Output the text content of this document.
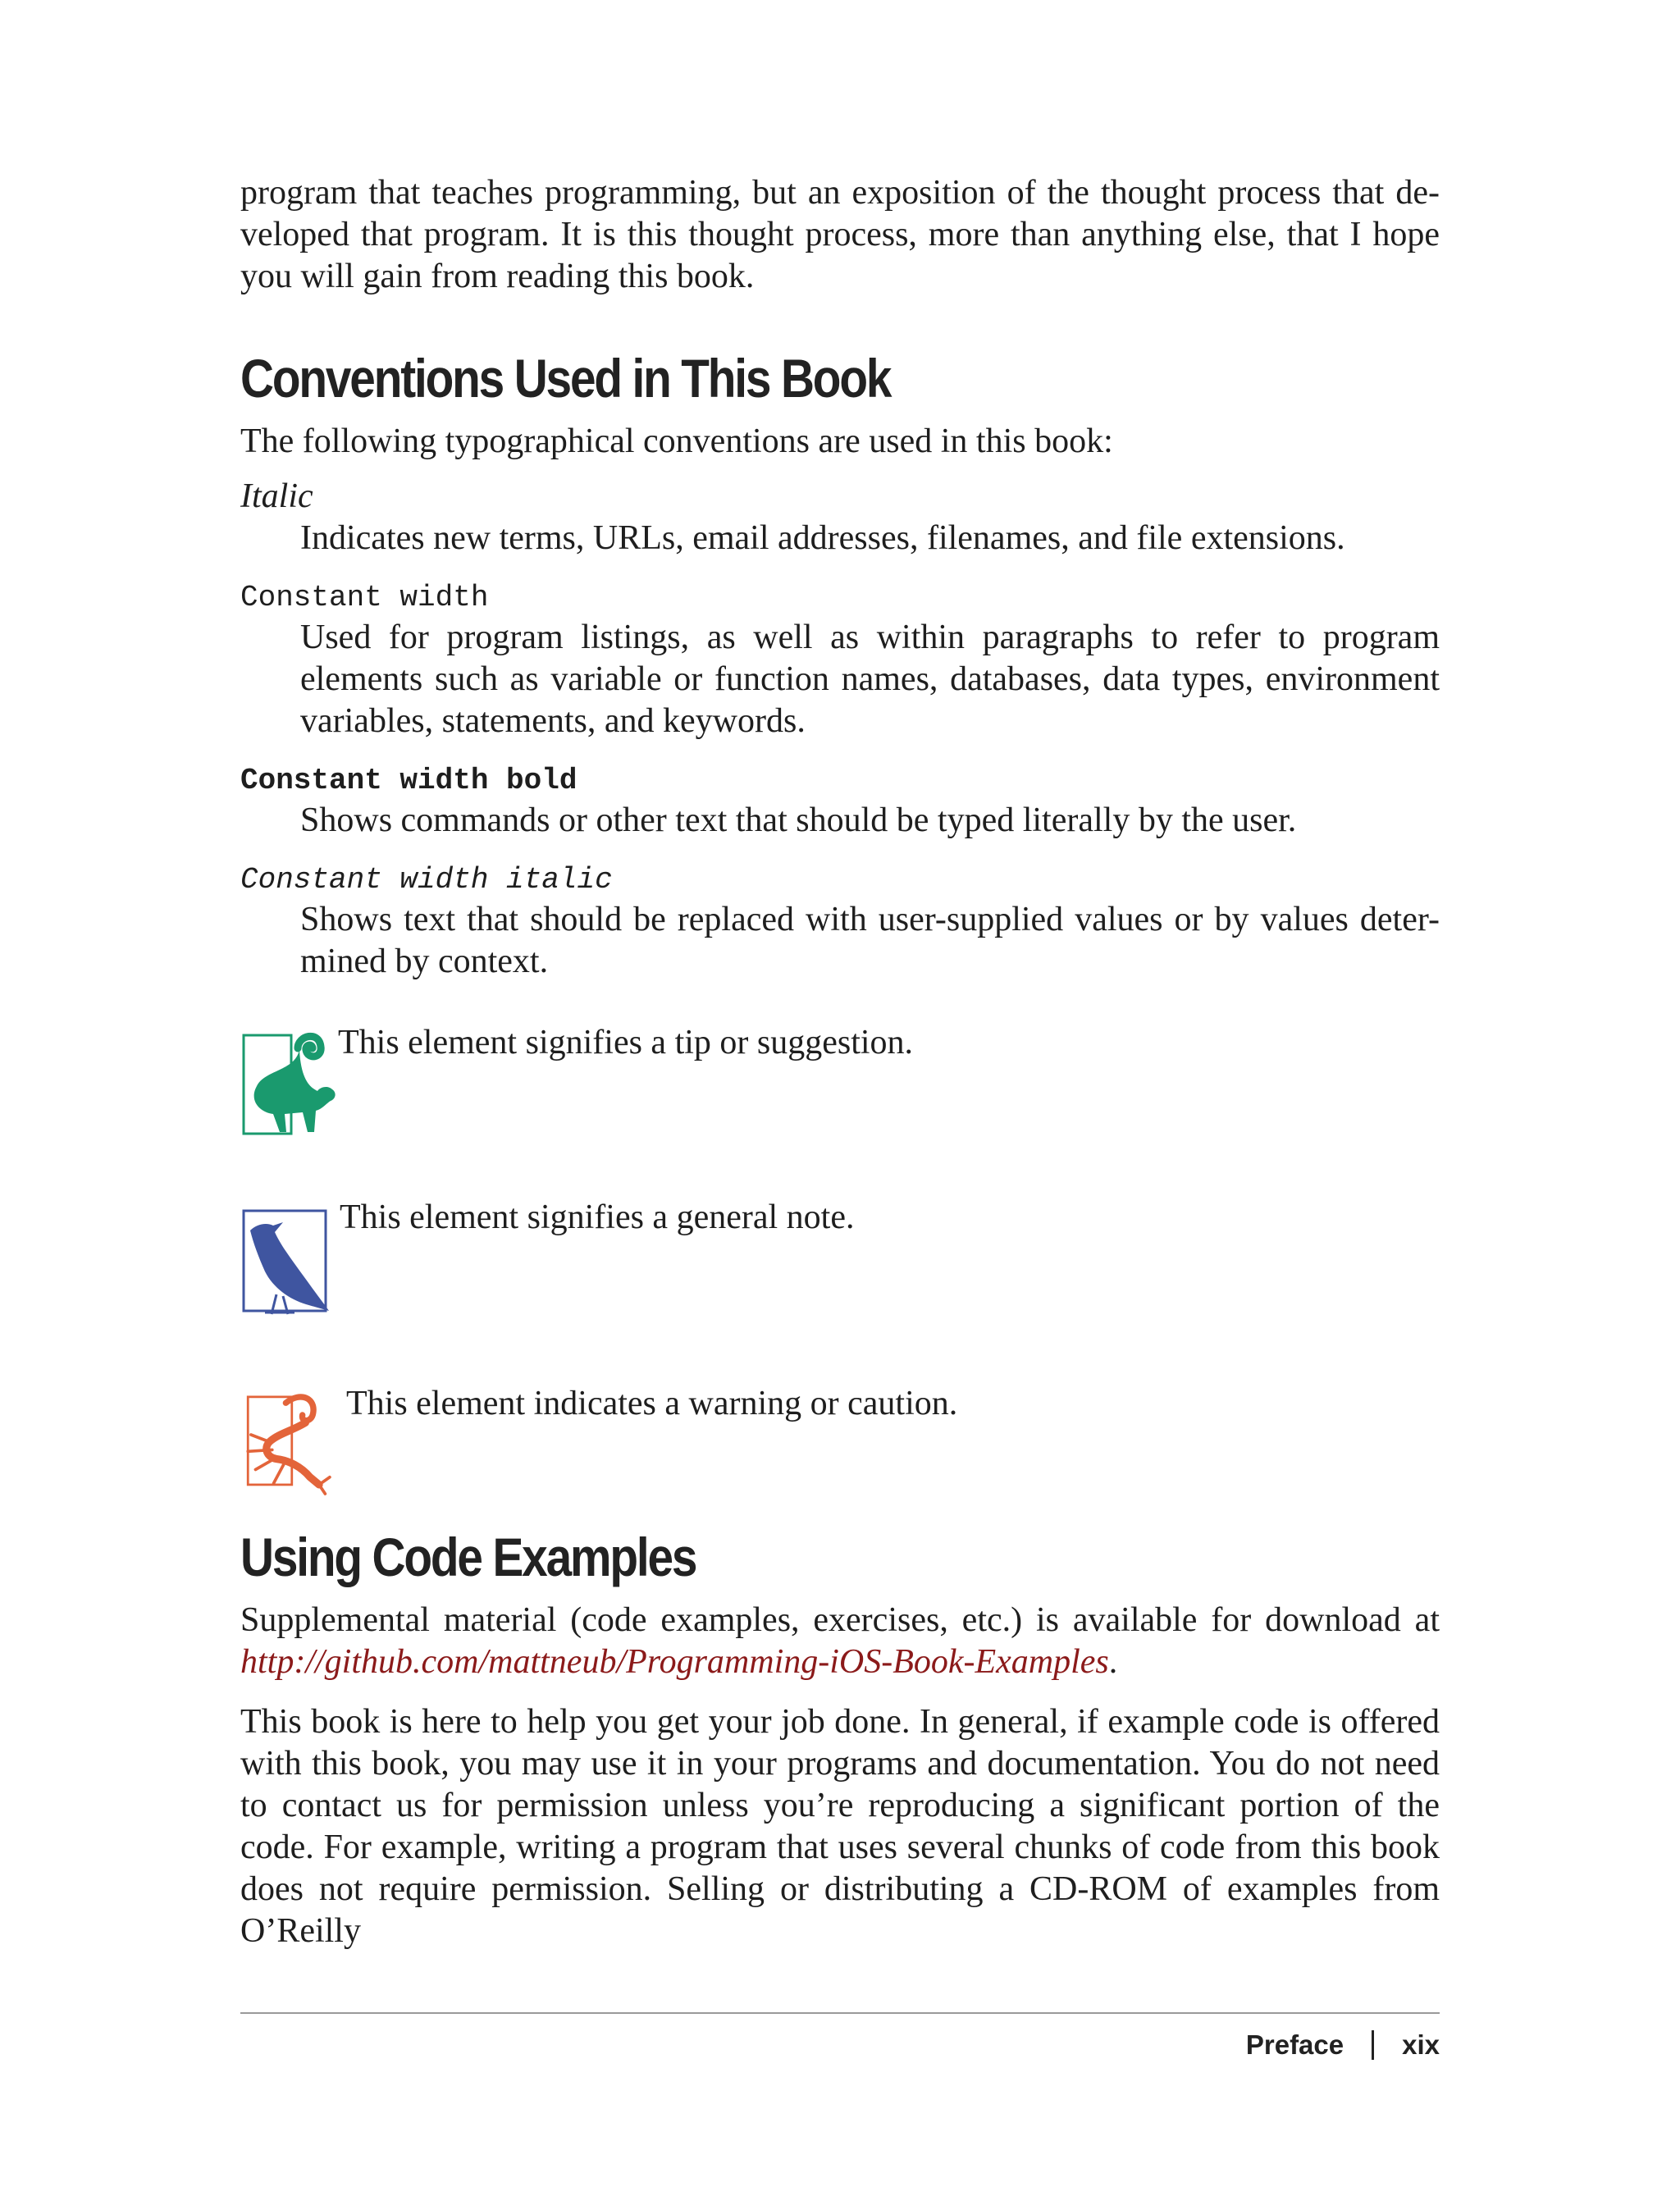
program that teaches programming, but an exposition of the thought process that de-
veloped that program. It is this thought process, more than anything else, that I hope
you will gain from reading this book.

Conventions Used in This Book

The following typographical conventions are used in this book:

Italic

Indicates new terms, URLs, email addresses, filenames, and file extensions.

Constant width

Used for program listings, as well as within paragraphs to refer to program elements such as variable or function names, databases, data types, environment variables, statements, and keywords.

Constant width bold

Shows commands or other text that should be typed literally by the user.

Constant width italic

Shows text that should be replaced with user-supplied values or by values deter-mined by context.

This element signifies a tip or suggestion.
This element signifies a general note.
This element indicates a warning or caution.
Using Code Examples

Supplemental material (code examples, exercises, etc.) is available for download at
http://github.com/mattneub/Programming-iOS-Book-Examples.

This book is here to help you get your job done. In general, if example code is offered with this book, you may use it in your programs and documentation. You do not need to contact us for permission unless you’re reproducing a significant portion of the code. For example, writing a program that uses several chunks of code from this book does not require permission. Selling or distributing a CD-ROM of examples from O’Reilly

Preface xix
